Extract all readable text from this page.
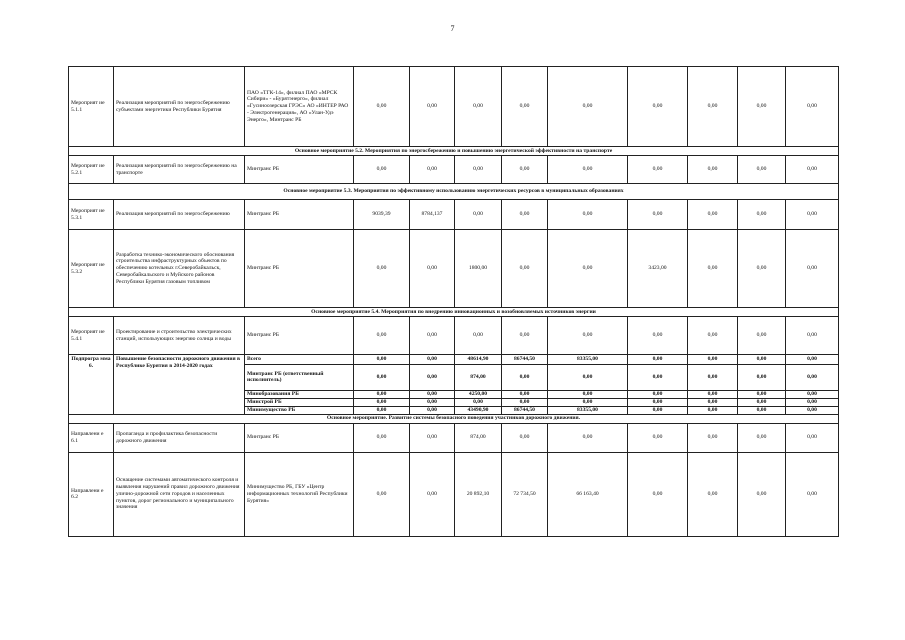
7
Мероприят ие 5.1.1	Реализация мероприятий по энергосбережению субъектами энергетики Республики Бурятия	ПАО «ТГК-14», филиал ПАО «МРСК Сибири» - «Бурятэнерго», филиал «Гусиноозерская ГРЭС» АО «ИНТЕР РАО - Электрогенерация», АО «Улан-Удэ Энерго», Минтранс РБ	0,00	0,00	0,00	0,00	0,00	0,00	0,00	0,00	0,00
Основное мероприятие 5.2. Мероприятия по энергосбережению и повышению энергетической эффективности на транспорте											
Мероприят ие 5.2.1	Реализация мероприятий по энергосбережению на транспорте	Минтранс РБ	0,00	0,00	0,00	0,00	0,00	0,00	0,00	0,00	0,00
Основное мероприятие 5.3. Мероприятия по эффективному использованию энергетических ресурсов в муниципальных образованиях											
Мероприят ие 5.3.1	Реализация мероприятий по энергосбережению	Минтранс РБ	9039,39	8784,137	0,00	0,00	0,00	0,00	0,00	0,00	0,00
Мероприят ие 5.3.2	Разработка технико-экономического обоснования строительства инфраструктурных объектов по обеспечению котельных г.Северобайкальск, Северобайкальского и Муйского районов Республики Бурятия газовым топливом	Минтранс РБ	0,00	0,00	1800,00	0,00	0,00	3423,00	0,00	0,00	0,00
Основное мероприятие 5.4. Мероприятия по внедрению инновационных и возобновляемых источников энергии											
Мероприят ие 5.4.1	Проектирование и строительство электрических станций, использующих энергию солнца и воды	Минтранс РБ	0,00	0,00	0,00	0,00	0,00	0,00	0,00	0,00	0,00
Подпрогра мма 6.	Повышение безопасности дорожного движения в Республике Бурятия в 2014-2020 годах	Всего	0,00	0,00	48614,90	86744,50	83355,00	0,00	0,00	0,00	0,00
		Минтранс РБ (ответственный исполнитель)	0,00	0,00	874,00	0,00	0,00	0,00	0,00	0,00	0,00
		Минобразования РБ	0,00	0,00	4250,00	0,00	0,00	0,00	0,00	0,00	0,00
		Минстрой РБ	0,00	0,00	0,00	0,00	0,00	0,00	0,00	0,00	0,00
		Минимущество РБ	0,00	0,00	43490,90	86744,50	83355,00	0,00	0,00	0,00	0,00
Основное мероприятие. Развитие системы безопасного поведения участников дорожного движения.											
Направлени е 6.1	Пропаганда и профилактика безопасности дорожного движения	Минтранс РБ	0,00	0,00	874,00	0,00	0,00	0,00	0,00	0,00	0,00
Направлени е 6.2	Оснащение системами автоматического контроля и выявления нарушений правил дорожного движения улично-дорожной сети городов и населенных пунктов, дорог регионального и муниципального значения	Минимущество РБ, ГБУ «Центр информационных технологий Республики Бурятия»	0,00	0,00	20 892,10	72 734,50	66 163,40	0,00	0,00	0,00	0,00
